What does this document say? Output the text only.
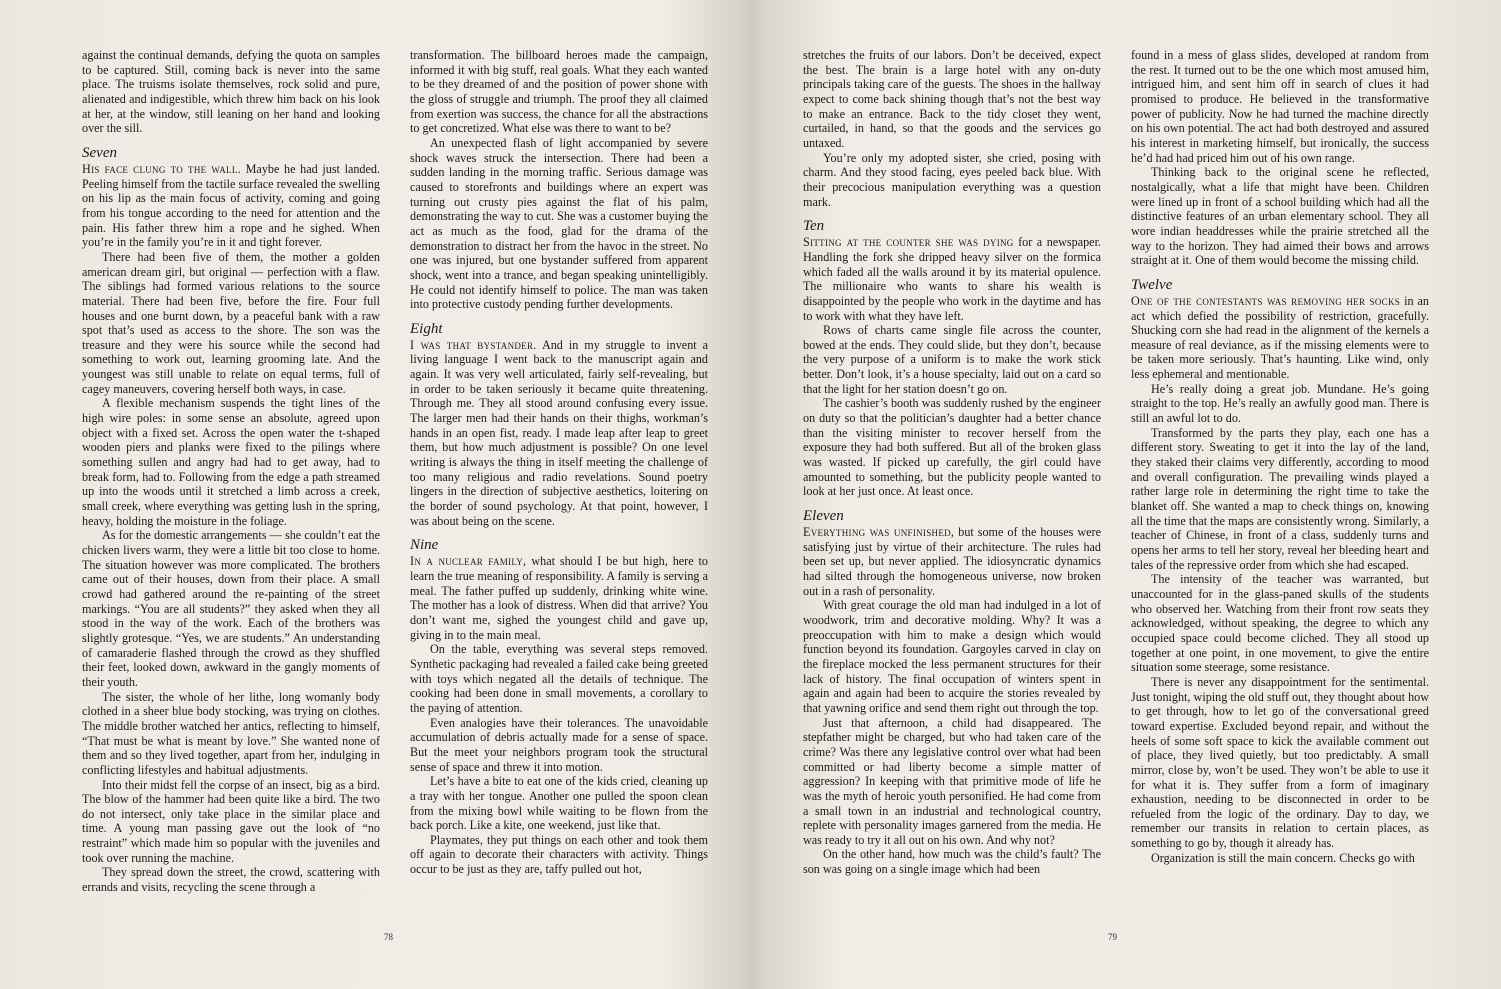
against the continual demands, defying the quota on samples to be captured. Still, coming back is never into the same place. The truisms isolate themselves, rock solid and pure, alienated and indigestible, which threw him back on his look at her, at the window, still leaning on her hand and looking over the sill.

Seven

His face clung to the wall. Maybe he had just landed. Peeling himself from the tactile surface revealed the swelling on his lip as the main focus of activity, coming and going from his tongue according to the need for attention and the pain. His father threw him a rope and he sighed. When you’re in the family you’re in it and tight forever.

There had been five of them, the mother a golden american dream girl, but original — perfection with a flaw. The siblings had formed various relations to the source material. There had been five, before the fire. Four full houses and one burnt down, by a peaceful bank with a raw spot that’s used as access to the shore. The son was the treasure and they were his source while the second had something to work out, learning grooming late. And the youngest was still unable to relate on equal terms, full of cagey maneuvers, covering herself both ways, in case.

A flexible mechanism suspends the tight lines of the high wire poles: in some sense an absolute, agreed upon object with a fixed set. Across the open water the t-shaped wooden piers and planks were fixed to the pilings where something sullen and angry had had to get away, had to break form, had to. Following from the edge a path streamed up into the woods until it stretched a limb across a creek, small creek, where everything was getting lush in the spring, heavy, holding the moisture in the foliage.

As for the domestic arrangements — she couldn’t eat the chicken livers warm, they were a little bit too close to home. The situation however was more complicated. The brothers came out of their houses, down from their place. A small crowd had gathered around the re-painting of the street markings. “You are all students?” they asked when they all stood in the way of the work. Each of the brothers was slightly grotesque. “Yes, we are students.” An understanding of camaraderie flashed through the crowd as they shuffled their feet, looked down, awkward in the gangly moments of their youth.

The sister, the whole of her lithe, long womanly body clothed in a sheer blue body stocking, was trying on clothes. The middle brother watched her antics, reflecting to himself, “That must be what is meant by love.” She wanted none of them and so they lived together, apart from her, indulging in conflicting lifestyles and habitual adjustments.

Into their midst fell the corpse of an insect, big as a bird. The blow of the hammer had been quite like a bird. The two do not intersect, only take place in the similar place and time. A young man passing gave out the look of “no restraint” which made him so popular with the juveniles and took over running the machine.

They spread down the street, the crowd, scattering with errands and visits, recycling the scene through a

transformation. The billboard heroes made the campaign, informed it with big stuff, real goals. What they each wanted to be they dreamed of and the position of power shone with the gloss of struggle and triumph. The proof they all claimed from exertion was success, the chance for all the abstractions to get concretized. What else was there to want to be?

An unexpected flash of light accompanied by severe shock waves struck the intersection. There had been a sudden landing in the morning traffic. Serious damage was caused to storefronts and buildings where an expert was turning out crusty pies against the flat of his palm, demonstrating the way to cut. She was a customer buying the act as much as the food, glad for the drama of the demonstration to distract her from the havoc in the street. No one was injured, but one bystander suffered from apparent shock, went into a trance, and began speaking unintelligibly. He could not identify himself to police. The man was taken into protective custody pending further developments.

Eight

I was that bystander. And in my struggle to invent a living language I went back to the manuscript again and again. It was very well articulated, fairly self-revealing, but in order to be taken seriously it became quite threatening. Through me. They all stood around confusing every issue. The larger men had their hands on their thighs, workman’s hands in an open fist, ready. I made leap after leap to greet them, but how much adjustment is possible? On one level writing is always the thing in itself meeting the challenge of too many religious and radio revelations. Sound poetry lingers in the direction of subjective aesthetics, loitering on the border of sound psychology. At that point, however, I was about being on the scene.

Nine

In a nuclear family, what should I be but high, here to learn the true meaning of responsibility. A family is serving a meal. The father puffed up suddenly, drinking white wine. The mother has a look of distress. When did that arrive? You don’t want me, sighed the youngest child and gave up, giving in to the main meal.

On the table, everything was several steps removed. Synthetic packaging had revealed a failed cake being greeted with toys which negated all the details of technique. The cooking had been done in small movements, a corollary to the paying of attention.

Even analogies have their tolerances. The unavoidable accumulation of debris actually made for a sense of space. But the meet your neighbors program took the structural sense of space and threw it into motion.

Let’s have a bite to eat one of the kids cried, cleaning up a tray with her tongue. Another one pulled the spoon clean from the mixing bowl while waiting to be flown from the back porch. Like a kite, one weekend, just like that.

Playmates, they put things on each other and took them off again to decorate their characters with activity. Things occur to be just as they are, taffy pulled out hot,

stretches the fruits of our labors. Don’t be deceived, expect the best. The brain is a large hotel with any on-duty principals taking care of the guests. The shoes in the hallway expect to come back shining though that’s not the best way to make an entrance. Back to the tidy closet they went, curtailed, in hand, so that the goods and the services go untaxed.

You’re only my adopted sister, she cried, posing with charm. And they stood facing, eyes peeled back blue. With their precocious manipulation everything was a question mark.

Ten

Sitting at the counter she was dying for a newspaper. Handling the fork she dripped heavy silver on the formica which faded all the walls around it by its material opulence. The millionaire who wants to share his wealth is disappointed by the people who work in the daytime and has to work with what they have left.

Rows of charts came single file across the counter, bowed at the ends. They could slide, but they don’t, because the very purpose of a uniform is to make the work stick better. Don’t look, it’s a house specialty, laid out on a card so that the light for her station doesn’t go on.

The cashier’s booth was suddenly rushed by the engineer on duty so that the politician’s daughter had a better chance than the visiting minister to recover herself from the exposure they had both suffered. But all of the broken glass was wasted. If picked up carefully, the girl could have amounted to something, but the publicity people wanted to look at her just once. At least once.

Eleven

Everything was unfinished, but some of the houses were satisfying just by virtue of their architecture. The rules had been set up, but never applied. The idiosyncratic dynamics had silted through the homogeneous universe, now broken out in a rash of personality.

With great courage the old man had indulged in a lot of woodwork, trim and decorative molding. Why? It was a preoccupation with him to make a design which would function beyond its foundation. Gargoyles carved in clay on the fireplace mocked the less permanent structures for their lack of history. The final occupation of winters spent in again and again had been to acquire the stories revealed by that yawning orifice and send them right out through the top.

Just that afternoon, a child had disappeared. The stepfather might be charged, but who had taken care of the crime? Was there any legislative control over what had been committed or had liberty become a simple matter of aggression? In keeping with that primitive mode of life he was the myth of heroic youth personified. He had come from a small town in an industrial and technological country, replete with personality images garnered from the media. He was ready to try it all out on his own. And why not?

On the other hand, how much was the child’s fault? The son was going on a single image which had been

found in a mess of glass slides, developed at random from the rest. It turned out to be the one which most amused him, intrigued him, and sent him off in search of clues it had promised to produce. He believed in the transformative power of publicity. Now he had turned the machine directly on his own potential. The act had both destroyed and assured his interest in marketing himself, but ironically, the success he’d had had priced him out of his own range.

Thinking back to the original scene he reflected, nostalgically, what a life that might have been. Children were lined up in front of a school building which had all the distinctive features of an urban elementary school. They all wore indian headdresses while the prairie stretched all the way to the horizon. They had aimed their bows and arrows straight at it. One of them would become the missing child.

Twelve

One of the contestants was removing her socks in an act which defied the possibility of restriction, gracefully. Shucking corn she had read in the alignment of the kernels a measure of real deviance, as if the missing elements were to be taken more seriously. That’s haunting. Like wind, only less ephemeral and mentionable.

He’s really doing a great job. Mundane. He’s going straight to the top. He’s really an awfully good man. There is still an awful lot to do.

Transformed by the parts they play, each one has a different story. Sweating to get it into the lay of the land, they staked their claims very differently, according to mood and overall configuration. The prevailing winds played a rather large role in determining the right time to take the blanket off. She wanted a map to check things on, knowing all the time that the maps are consistently wrong. Similarly, a teacher of Chinese, in front of a class, suddenly turns and opens her arms to tell her story, reveal her bleeding heart and tales of the repressive order from which she had escaped.

The intensity of the teacher was warranted, but unaccounted for in the glass-paned skulls of the students who observed her. Watching from their front row seats they acknowledged, without speaking, the degree to which any occupied space could become cliched. They all stood up together at one point, in one movement, to give the entire situation some steerage, some resistance.

There is never any disappointment for the sentimental. Just tonight, wiping the old stuff out, they thought about how to get through, how to let go of the conversational greed toward expertise. Excluded beyond repair, and without the heels of some soft space to kick the available comment out of place, they lived quietly, but too predictably. A small mirror, close by, won’t be used. They won’t be able to use it for what it is. They suffer from a form of imaginary exhaustion, needing to be disconnected in order to be refueled from the logic of the ordinary. Day to day, we remember our transits in relation to certain places, as something to go by, though it already has.

Organization is still the main concern. Checks go with

78	79
